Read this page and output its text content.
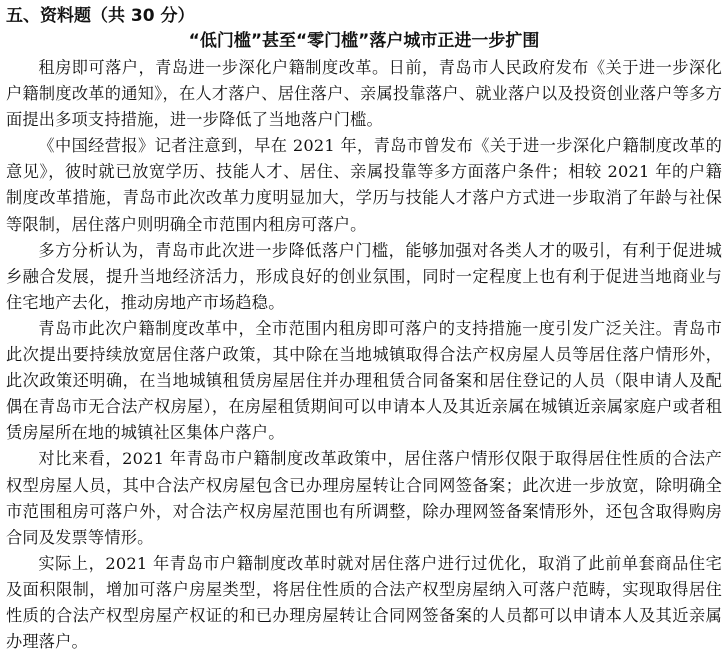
五、资料题（共 30 分）
“低门槛”甚至“零门槛”落户城市正进一步扩围

租房即可落户，青岛进一步深化户籍制度改革。日前，青岛市人民政府发布《关于进一步深化户籍制度改革的通知》，在人才落户、居住落户、亲属投靠落户、就业落户以及投资创业落户等多方面提出多项支持措施，进一步降低了当地落户门槛。

《中国经营报》记者注意到，早在 2021 年，青岛市曾发布《关于进一步深化户籍制度改革的意见》，彼时就已放宽学历、技能人才、居住、亲属投靠等多方面落户条件；相较 2021 年的户籍制度改革措施，青岛市此次改革力度明显加大，学历与技能人才落户方式进一步取消了年龄与社保等限制，居住落户则明确全市范围内租房可落户。

多方分析认为，青岛市此次进一步降低落户门槛，能够加强对各类人才的吸引，有利于促进城乡融合发展，提升当地经济活力，形成良好的创业氛围，同时一定程度上也有利于促进当地商业与住宅地产去化，推动房地产市场趋稳。

青岛市此次户籍制度改革中，全市范围内租房即可落户的支持措施一度引发广泛关注。青岛市此次提出要持续放宽居住落户政策，其中除在当地城镇取得合法产权房屋人员等居住落户情形外，此次政策还明确，在当地城镇租赁房屋居住并办理租赁合同备案和居住登记的人员（限申请人及配偶在青岛市无合法产权房屋），在房屋租赁期间可以申请本人及其近亲属在城镇近亲属家庭户或者租赁房屋所在地的城镇社区集体户落户。

对比来看，2021 年青岛市户籍制度改革政策中，居住落户情形仅限于取得居住性质的合法产权型房屋人员，其中合法产权房屋包含已办理房屋转让合同网签备案；此次进一步放宽，除明确全市范围租房可落户外，对合法产权房屋范围也有所调整，除办理网签备案情形外，还包含取得购房合同及发票等情形。

实际上，2021 年青岛市户籍制度改革时就对居住落户进行过优化，取消了此前单套商品住宅及面积限制，增加可落户房屋类型，将居住性质的合法产权型房屋纳入可落户范畴，实现取得居住性质的合法产权型房屋产权证的和已办理房屋转让合同网签备案的人员都可以申请本人及其近亲属办理落户。
